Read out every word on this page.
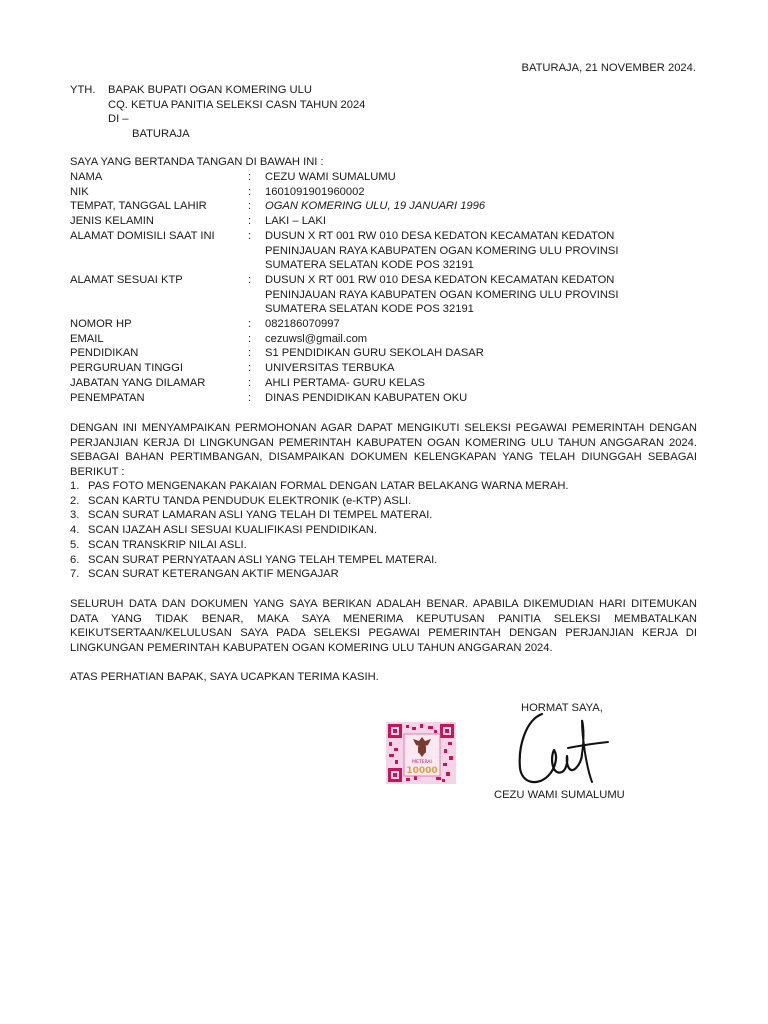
BATURAJA, 21 NOVEMBER 2024.
YTH. BAPAK BUPATI OGAN KOMERING ULU
CQ. KETUA PANITIA SELEKSI CASN TAHUN 2024
DI –
BATURAJA
SAYA YANG BERTANDA TANGAN DI BAWAH INI :
NAMA	:	CEZU WAMI SUMALUMU
NIK	:	1601091901960002
TEMPAT, TANGGAL LAHIR	:	OGAN KOMERING ULU, 19 JANUARI 1996
JENIS KELAMIN	:	LAKI – LAKI
ALAMAT DOMISILI SAAT INI	:	DUSUN X RT 001 RW 010 DESA KEDATON KECAMATAN KEDATON
PENINJAUAN RAYA KABUPATEN OGAN KOMERING ULU PROVINSI
SUMATERA SELATAN KODE POS 32191
ALAMAT SESUAI KTP	:	DUSUN X RT 001 RW 010 DESA KEDATON KECAMATAN KEDATON
PENINJAUAN RAYA KABUPATEN OGAN KOMERING ULU PROVINSI
SUMATERA SELATAN KODE POS 32191
NOMOR HP	:	082186070997
EMAIL	:	cezuwsl@gmail.com
PENDIDIKAN	:	S1 PENDIDIKAN GURU SEKOLAH DASAR
PERGURUAN TINGGI	:	UNIVERSITAS TERBUKA
JABATAN YANG DILAMAR	:	AHLI PERTAMA- GURU KELAS
PENEMPATAN	:	DINAS PENDIDIKAN KABUPATEN OKU
DENGAN INI MENYAMPAIKAN PERMOHONAN AGAR DAPAT MENGIKUTI SELEKSI PEGAWAI PEMERINTAH DENGAN PERJANJIAN KERJA DI LINGKUNGAN PEMERINTAH KABUPATEN OGAN KOMERING ULU TAHUN ANGGARAN 2024. SEBAGAI BAHAN PERTIMBANGAN, DISAMPAIKAN DOKUMEN KELENGKAPAN YANG TELAH DIUNGGAH SEBAGAI BERIKUT :
1. PAS FOTO MENGENAKAN PAKAIAN FORMAL DENGAN LATAR BELAKANG WARNA MERAH.
2. SCAN KARTU TANDA PENDUDUK ELEKTRONIK (e-KTP) ASLI.
3. SCAN SURAT LAMARAN ASLI YANG TELAH DI TEMPEL MATERAI.
4. SCAN IJAZAH ASLI SESUAI KUALIFIKASI PENDIDIKAN.
5. SCAN TRANSKRIP NILAI ASLI.
6. SCAN SURAT PERNYATAAN ASLI YANG TELAH TEMPEL MATERAI.
7. SCAN SURAT KETERANGAN AKTIF MENGAJAR
SELURUH DATA DAN DOKUMEN YANG SAYA BERIKAN ADALAH BENAR. APABILA DIKEMUDIAN HARI DITEMUKAN DATA YANG TIDAK BENAR, MAKA SAYA MENERIMA KEPUTUSAN PANITIA SELEKSI MEMBATALKAN KEIKUTSERTAAN/KELULUSAN SAYA PADA SELEKSI PEGAWAI PEMERINTAH DENGAN PERJANJIAN KERJA DI LINGKUNGAN PEMERINTAH KABUPATEN OGAN KOMERING ULU TAHUN ANGGARAN 2024.
ATAS PERHATIAN BAPAK, SAYA UCAPKAN TERIMA KASIH.
HORMAT SAYA,
METERAI
10000
CEZU WAMI SUMALUMU
